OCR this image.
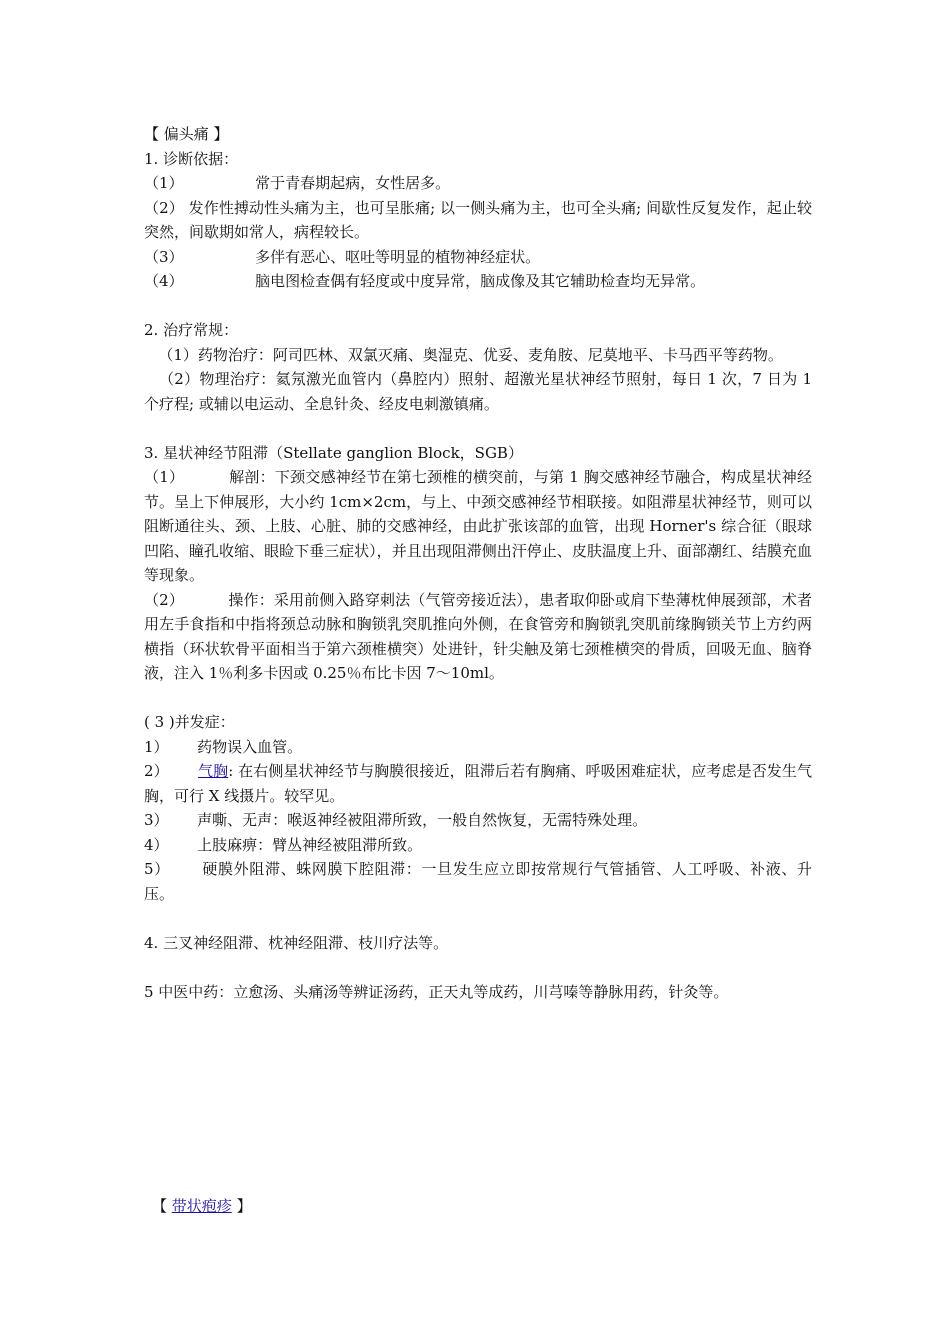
【 偏头痛 】

1. 诊断依据：

（1）               常于青春期起病，女性居多。

（2） 发作性搏动性头痛为主，也可呈胀痛; 以一侧头痛为主，也可全头痛; 间歇性反复发作，起止较突然，间歇期如常人，病程较长。

（3）               多伴有恶心、呕吐等明显的植物神经症状。

（4）               脑电图检查偶有轻度或中度异常，脑成像及其它辅助检查均无异常。

2. 治疗常规：

（1）药物治疗：阿司匹林、双氯灭痛、奥湿克、优妥、麦角胺、尼莫地平、卡马西平等药物。

（2）物理治疗：氦氖激光血管内（鼻腔内）照射、超激光星状神经节照射，每日 1 次，7 日为 1 个疗程; 或辅以电运动、全息针灸、经皮电刺激镇痛。

3. 星状神经节阻滞（Stellate ganglion Block，SGB）

（1）         解剖：下颈交感神经节在第七颈椎的横突前，与第 1 胸交感神经节融合，构成星状神经节。呈上下伸展形，大小约 1cm×2cm，与上、中颈交感神经节相联接。如阻滞星状神经节，则可以阻断通往头、颈、上肢、心脏、肺的交感神经，由此扩张该部的血管，出现 Horner's 综合征（眼球凹陷、瞳孔收缩、眼睑下垂三症状），并且出现阻滞侧出汗停止、皮肤温度上升、面部潮红、结膜充血等现象。

（2）         操作：采用前侧入路穿刺法（气管旁接近法），患者取仰卧或肩下垫薄枕伸展颈部，术者用左手食指和中指将颈总动脉和胸锁乳突肌推向外侧，在食管旁和胸锁乳突肌前缘胸锁关节上方约两横指（环状软骨平面相当于第六颈椎横突）处进针，针尖触及第七颈椎横突的骨质，回吸无血、脑脊液，注入 1％利多卡因或 0.25％布比卡因 7～10ml。

( 3 )并发症：

1）      药物误入血管。

2）      气胸: 在右侧星状神经节与胸膜很接近，阻滞后若有胸痛、呼吸困难症状，应考虑是否发生气胸，可行 X 线摄片。较罕见。

3）      声嘶、无声：喉返神经被阻滞所致，一般自然恢复，无需特殊处理。

4）      上肢麻痹：臂丛神经被阻滞所致。

5）      硬膜外阻滞、蛛网膜下腔阻滞：一旦发生应立即按常规行气管插管、人工呼吸、补液、升压。

4. 三叉神经阻滞、枕神经阻滞、枝川疗法等。

5 中医中药：立愈汤、头痛汤等辨证汤药，正天丸等成药，川芎嗪等静脉用药，针灸等。

【 带状疱疹 】
